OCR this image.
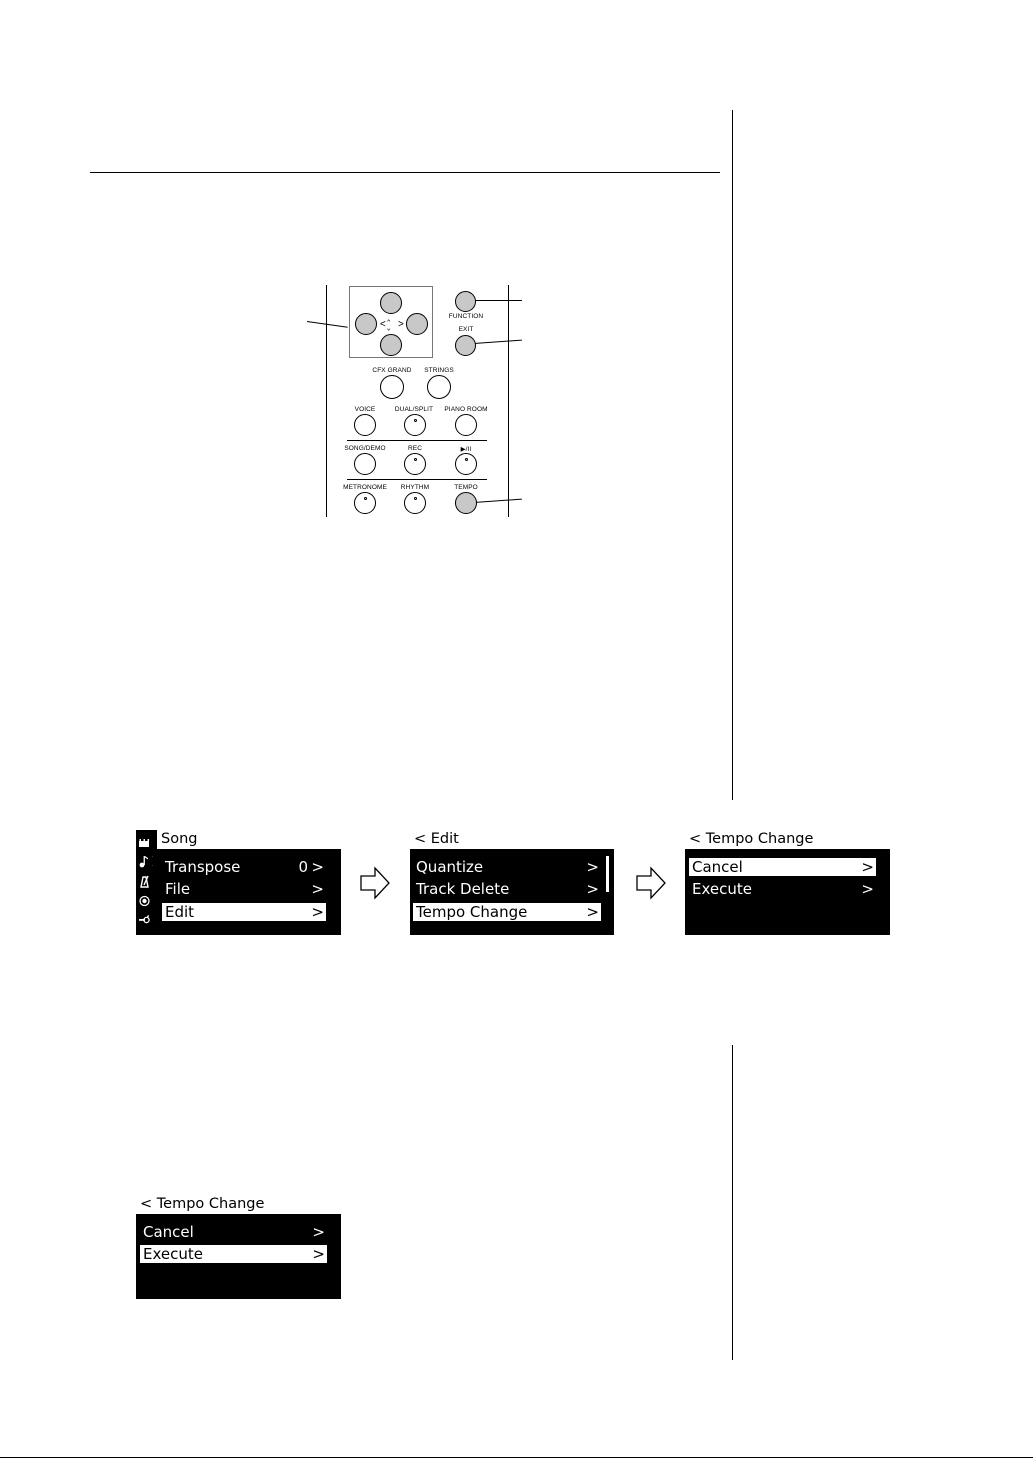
‸
< >
‸
FUNCTION
EXIT
CFX GRAND STRINGS
VOICE	DUAL/SPLIT PIANO ROOM
SONG/DEMO	REC	▶/II
METRONOME RHYTHM	TEMPO
Song
Transpose	0 >
File	>
Edit	>
< Edit
Quantize	>
Track Delete	>
Tempo Change	>
< Tempo Change
Cancel	>
Execute	>
< Tempo Change
Cancel	>
Execute	>
